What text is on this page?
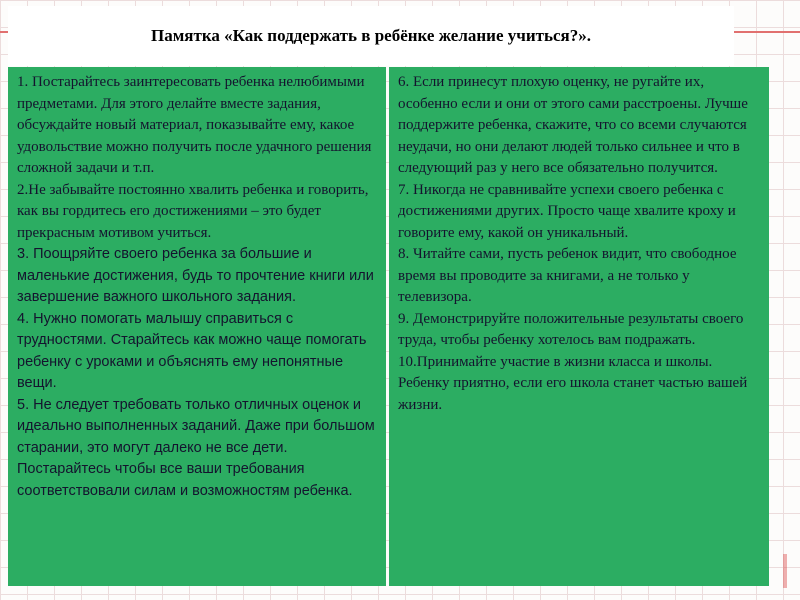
Памятка «Как поддержать в ребёнке желание учиться?».
1. Постарайтесь заинтересовать ребенка нелюбимыми предметами. Для этого делайте вместе задания, обсуждайте новый материал, показывайте ему, какое удовольствие можно получить после удачного решения сложной задачи и т.п.
2.Не забывайте постоянно хвалить ребенка и говорить, как вы гордитесь его достижениями – это будет прекрасным мотивом учиться.
3. Поощряйте своего ребенка за большие и маленькие достижения, будь то прочтение книги или завершение важного школьного задания.
4. Нужно помогать малышу справиться с трудностями. Старайтесь как можно чаще помогать ребенку с уроками и объяснять ему непонятные вещи.
5. Не следует требовать только отличных оценок и идеально выполненных заданий. Даже при большом старании, это могут далеко не все дети. Постарайтесь чтобы все ваши требования соответствовали силам и возможностям ребенка.
6. Если принесут плохую оценку, не ругайте их, особенно если и они от этого сами расстроены. Лучше поддержите ребенка, скажите, что со всеми случаются неудачи, но они делают людей только сильнее и что в следующий раз у него все обязательно получится.
7. Никогда не сравнивайте успехи своего ребенка с достижениями других. Просто чаще хвалите кроху и говорите ему, какой он уникальный.
8. Читайте сами, пусть ребенок видит, что свободное время вы проводите за книгами, а не только у телевизора.
9. Демонстрируйте положительные результаты своего труда, чтобы ребенку хотелось вам подражать.
10.Принимайте участие в жизни класса и школы. Ребенку приятно, если его школа станет частью вашей жизни.
